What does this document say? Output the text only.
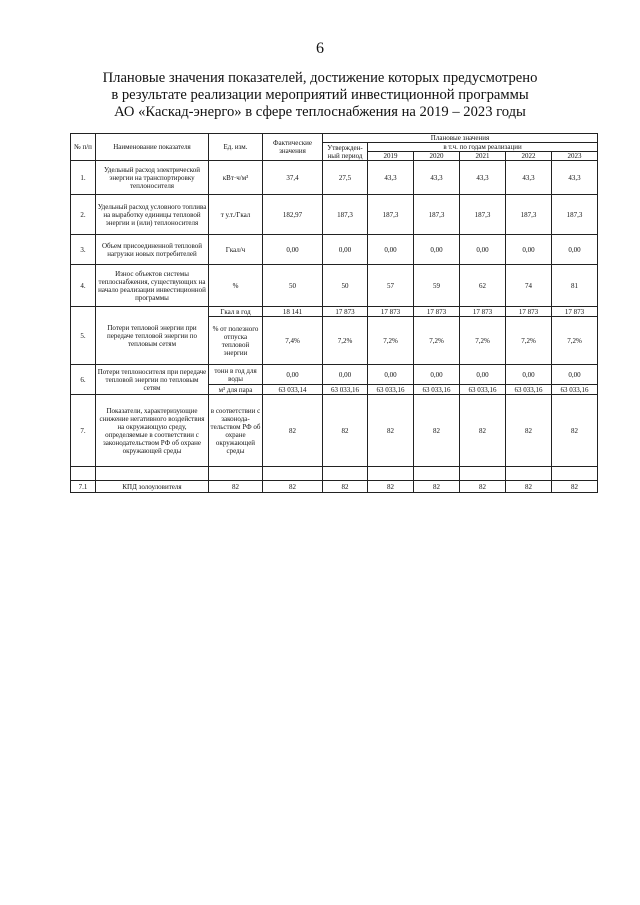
6
Плановые значения показателей, достижение которых предусмотрено
в результате реализации мероприятий инвестиционной программы
АО «Каскад-энерго» в сфере теплоснабжения на 2019 – 2023 годы
№ п/п	Наименование показателя	Ед. изм.	Фактические значения	Плановые значения					
				Утвержден-ный период	в т.ч. по годам реализации				
					2019	2020	2021	2022	2023
1.	Удельный расход электрической энергии на транспортировку теплоносителя	кВт·ч/м³	37,4	27,5	43,3	43,3	43,3	43,3	43,3
2.	Удельный расход условного топлива на выработку единицы тепловой энергии и (или) теплоносителя	т у.т./Гкал	182,97	187,3	187,3	187,3	187,3	187,3	187,3
3.	Объем присоединенной тепловой нагрузки новых потребителей	Гкал/ч	0,00	0,00	0,00	0,00	0,00	0,00	0,00
4.	Износ объектов системы теплоснабжения, существующих на начало реализации инвестиционной программы	%	50	50	57	59	62	74	81
5.	Потери тепловой энергии при передаче тепловой энергии по тепловым сетям	Гкал в год	18 141	17 873	17 873	17 873	17 873	17 873	17 873
		% от полезного отпуска тепловой энергии	7,4%	7,2%	7,2%	7,2%	7,2%	7,2%	7,2%
6.	Потери теплоносителя при передаче тепловой энергии по тепловым сетям	тонн в год для воды	0,00	0,00	0,00	0,00	0,00	0,00	0,00
		м³ для пара	63 033,14	63 033,16	63 033,16	63 033,16	63 033,16	63 033,16	63 033,16
7.	Показатели, характеризующие снижение негативного воздействия на окружающую среду, определяемые в соответствии с законодательством РФ об охране окружающей среды	в соответствии с законода-тельством РФ об охране окружающей среды	82	82	82	82	82	82	82

7.1	КПД золоуловителя	82	82	82	82	82	82	82	82
